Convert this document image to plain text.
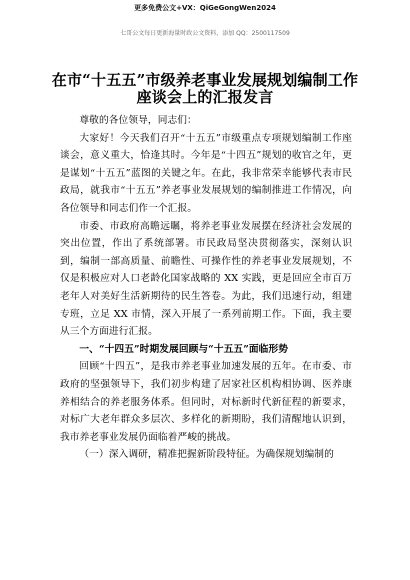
更多免费公文+VX：QiGeGongWen2024
七哥公文每日更新海量时政公文资料，添加 QQ：2500117509
在市“十五五”市级养老事业发展规划编制工作座谈会上的汇报发言

尊敬的各位领导，同志们：

大家好！今天我们召开“十五五”市级重点专项规划编制工作座谈会，意义重大，恰逢其时。今年是“十四五”规划的收官之年，更是谋划“十五五”蓝图的关键之年。在此，我非常荣幸能够代表市民政局，就我市“十五五”养老事业发展规划的编制推进工作情况，向各位领导和同志们作一个汇报。

市委、市政府高瞻远瞩，将养老事业发展摆在经济社会发展的突出位置，作出了系统部署。市民政局坚决贯彻落实，深刻认识到，编制一部高质量、前瞻性、可操作性的养老事业发展规划，不仅是积极应对人口老龄化国家战略的 XX 实践，更是回应全市百万老年人对美好生活新期待的民生答卷。为此，我们迅速行动，组建专班，立足 XX 市情，深入开展了一系列前期工作。下面，我主要从三个方面进行汇报。

一、“十四五”时期发展回顾与“十五五”面临形势

回顾“十四五”，是我市养老事业加速发展的五年。在市委、市政府的坚强领导下，我们初步构建了居家社区机构相协调、医养康养相结合的养老服务体系。但同时，对标新时代新征程的新要求，对标广大老年群众多层次、多样化的新期盼，我们清醒地认识到，我市养老事业发展仍面临着严峻的挑战。

（一）深入调研，精准把握新阶段特征。为确保规划编制的
